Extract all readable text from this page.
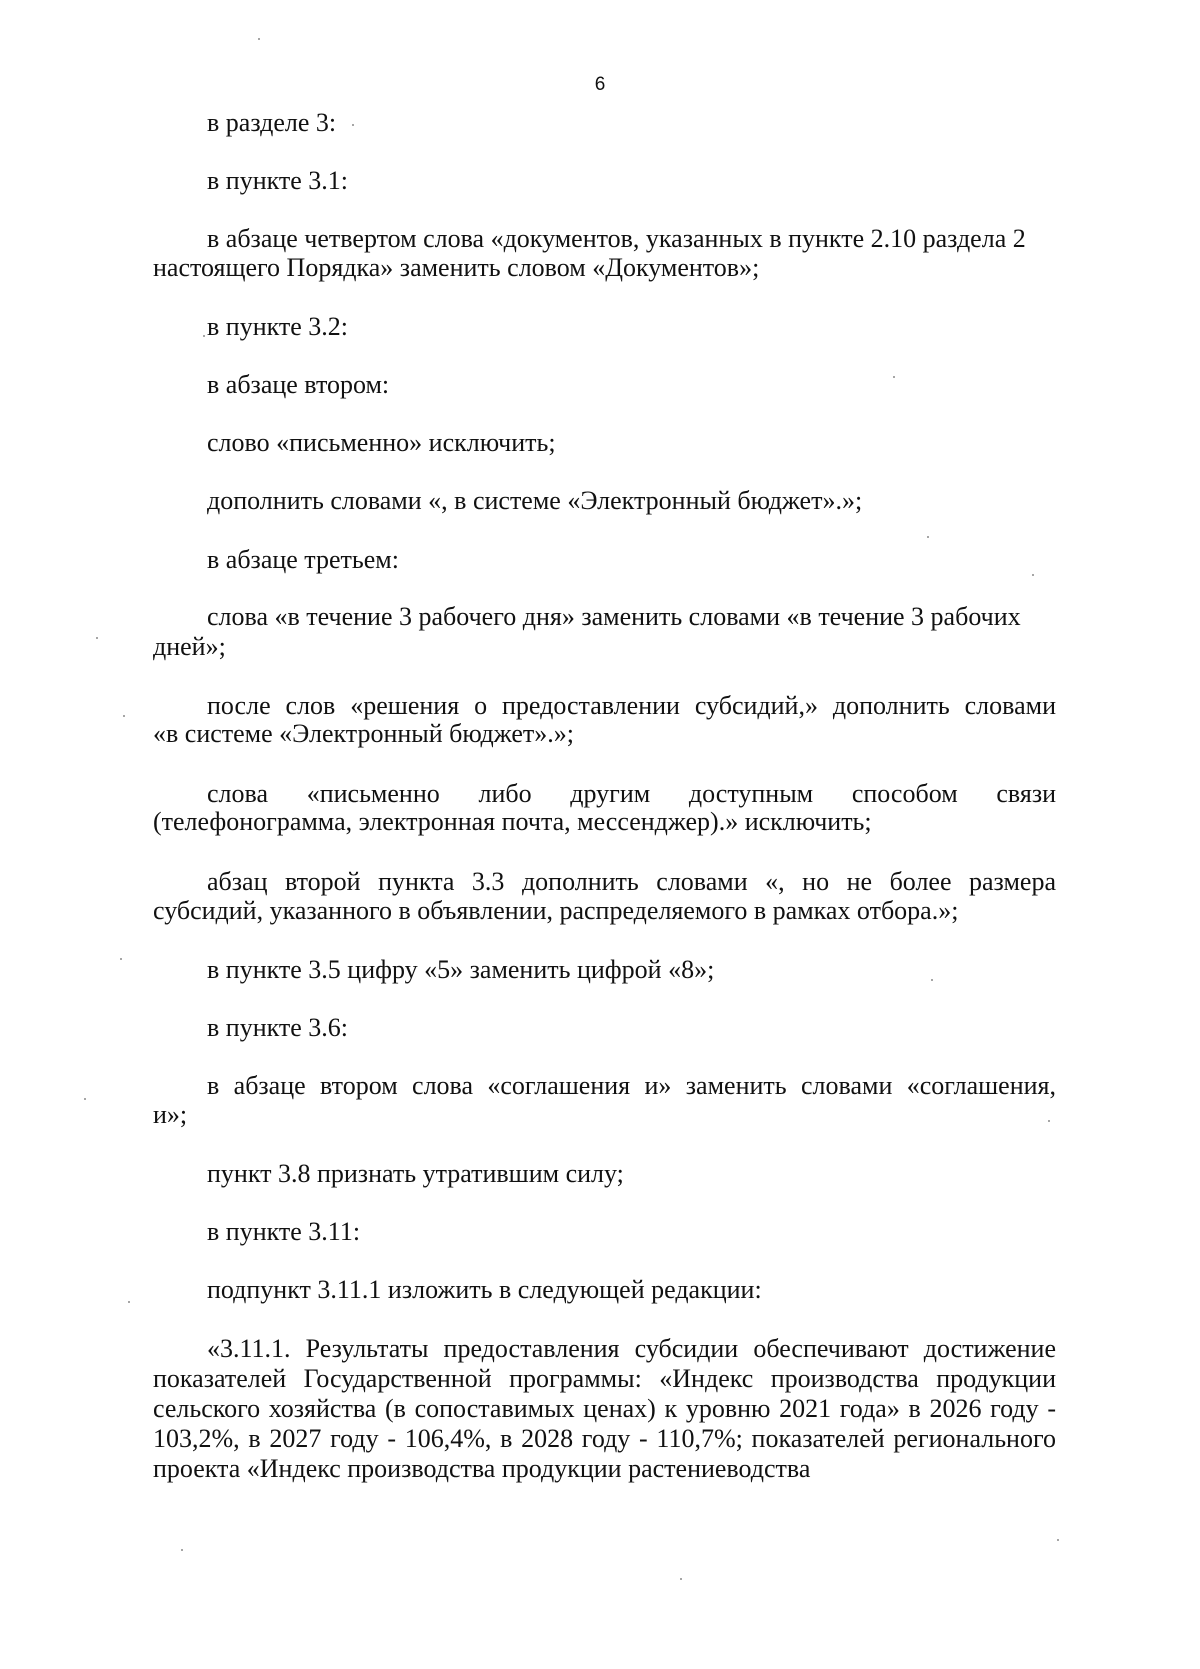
6
в разделе 3:
в пункте 3.1:
в абзаце четвертом слова «документов, указанных в пункте 2.10 раздела 2
настоящего Порядка» заменить словом «Документов»;
в пункте 3.2:
в абзаце втором:
слово «письменно» исключить;
дополнить словами «, в системе «Электронный бюджет».»;
в абзаце третьем:
слова «в течение 3 рабочего дня» заменить словами «в течение 3 рабочих
дней»;
после слов «решения о предоставлении субсидий,» дополнить словами
«в системе «Электронный бюджет».»;
слова «письменно либо другим доступным способом связи
(телефонограмма, электронная почта, мессенджер).» исключить;
абзац второй пункта 3.3 дополнить словами «, но не более размера
субсидий, указанного в объявлении, распределяемого в рамках отбора.»;
в пункте 3.5 цифру «5» заменить цифрой «8»;
в пункте 3.6:
в абзаце втором слова «соглашения и» заменить словами «соглашения,
и»;
пункт 3.8 признать утратившим силу;
в пункте 3.11:
подпункт 3.11.1 изложить в следующей редакции:
«3.11.1. Результаты предоставления субсидии обеспечивают достижение показателей Государственной программы: «Индекс производства продукции сельского хозяйства (в сопоставимых ценах) к уровню 2021 года» в 2026 году - 103,2%, в 2027 году - 106,4%, в 2028 году - 110,7%; показателей регионального проекта «Индекс производства продукции растениеводства
